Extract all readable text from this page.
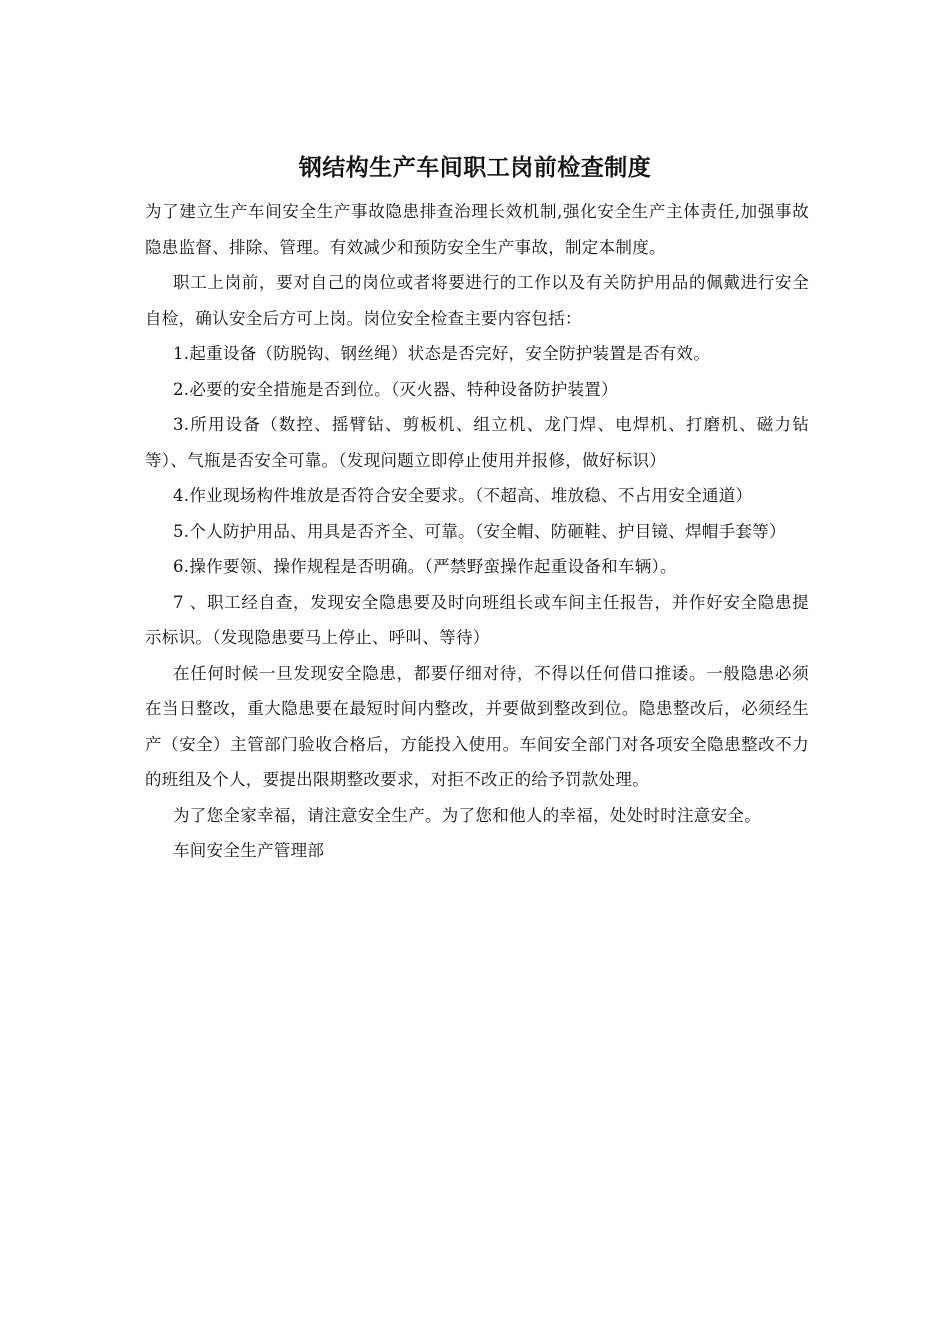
钢结构生产车间职工岗前检查制度

为了建立生产车间安全生产事故隐患排查治理长效机制,强化安全生产主体责任,加强事故隐患监督、排除、管理。有效减少和预防安全生产事故，制定本制度。

职工上岗前，要对自己的岗位或者将要进行的工作以及有关防护用品的佩戴进行安全自检，确认安全后方可上岗。岗位安全检查主要内容包括：

1.起重设备（防脱钩、钢丝绳）状态是否完好，安全防护装置是否有效。

2.必要的安全措施是否到位。（灭火器、特种设备防护装置）

3.所用设备（数控、摇臂钻、剪板机、组立机、龙门焊、电焊机、打磨机、磁力钻等）、气瓶是否安全可靠。（发现问题立即停止使用并报修，做好标识）

4.作业现场构件堆放是否符合安全要求。（不超高、堆放稳、不占用安全通道）

5.个人防护用品、用具是否齐全、可靠。（安全帽、防砸鞋、护目镜、焊帽手套等）

6.操作要领、操作规程是否明确。（严禁野蛮操作起重设备和车辆）。

7 、职工经自查，发现安全隐患要及时向班组长或车间主任报告，并作好安全隐患提示标识。（发现隐患要马上停止、呼叫、等待）

在任何时候一旦发现安全隐患，都要仔细对待，不得以任何借口推诿。一般隐患必须在当日整改，重大隐患要在最短时间内整改，并要做到整改到位。隐患整改后，必须经生产（安全）主管部门验收合格后，方能投入使用。车间安全部门对各项安全隐患整改不力的班组及个人，要提出限期整改要求，对拒不改正的给予罚款处理。

为了您全家幸福，请注意安全生产。为了您和他人的幸福，处处时时注意安全。

车间安全生产管理部
